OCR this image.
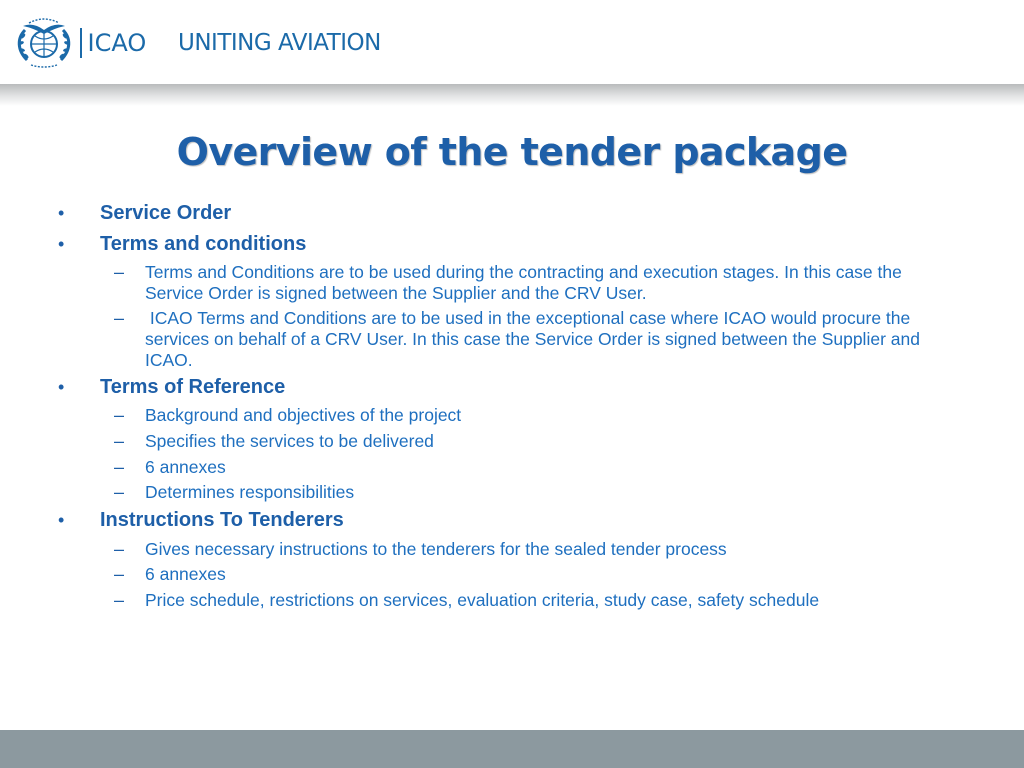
ICAO UNITING AVIATION
Overview of the tender package
• Service Order
• Terms and conditions
– Terms and Conditions are to be used during the contracting and execution stages. In this case the Service Order is signed between the Supplier and the CRV User.
– ICAO Terms and Conditions are to be used in the exceptional case where ICAO would procure the services on behalf of a CRV User. In this case the Service Order is signed between the Supplier and ICAO.
• Terms of Reference
– Background and objectives of the project
– Specifies the services to be delivered
– 6 annexes
– Determines responsibilities
• Instructions To Tenderers
– Gives necessary instructions to the tenderers for the sealed tender process
– 6 annexes
– Price schedule, restrictions on services, evaluation criteria, study case, safety schedule
